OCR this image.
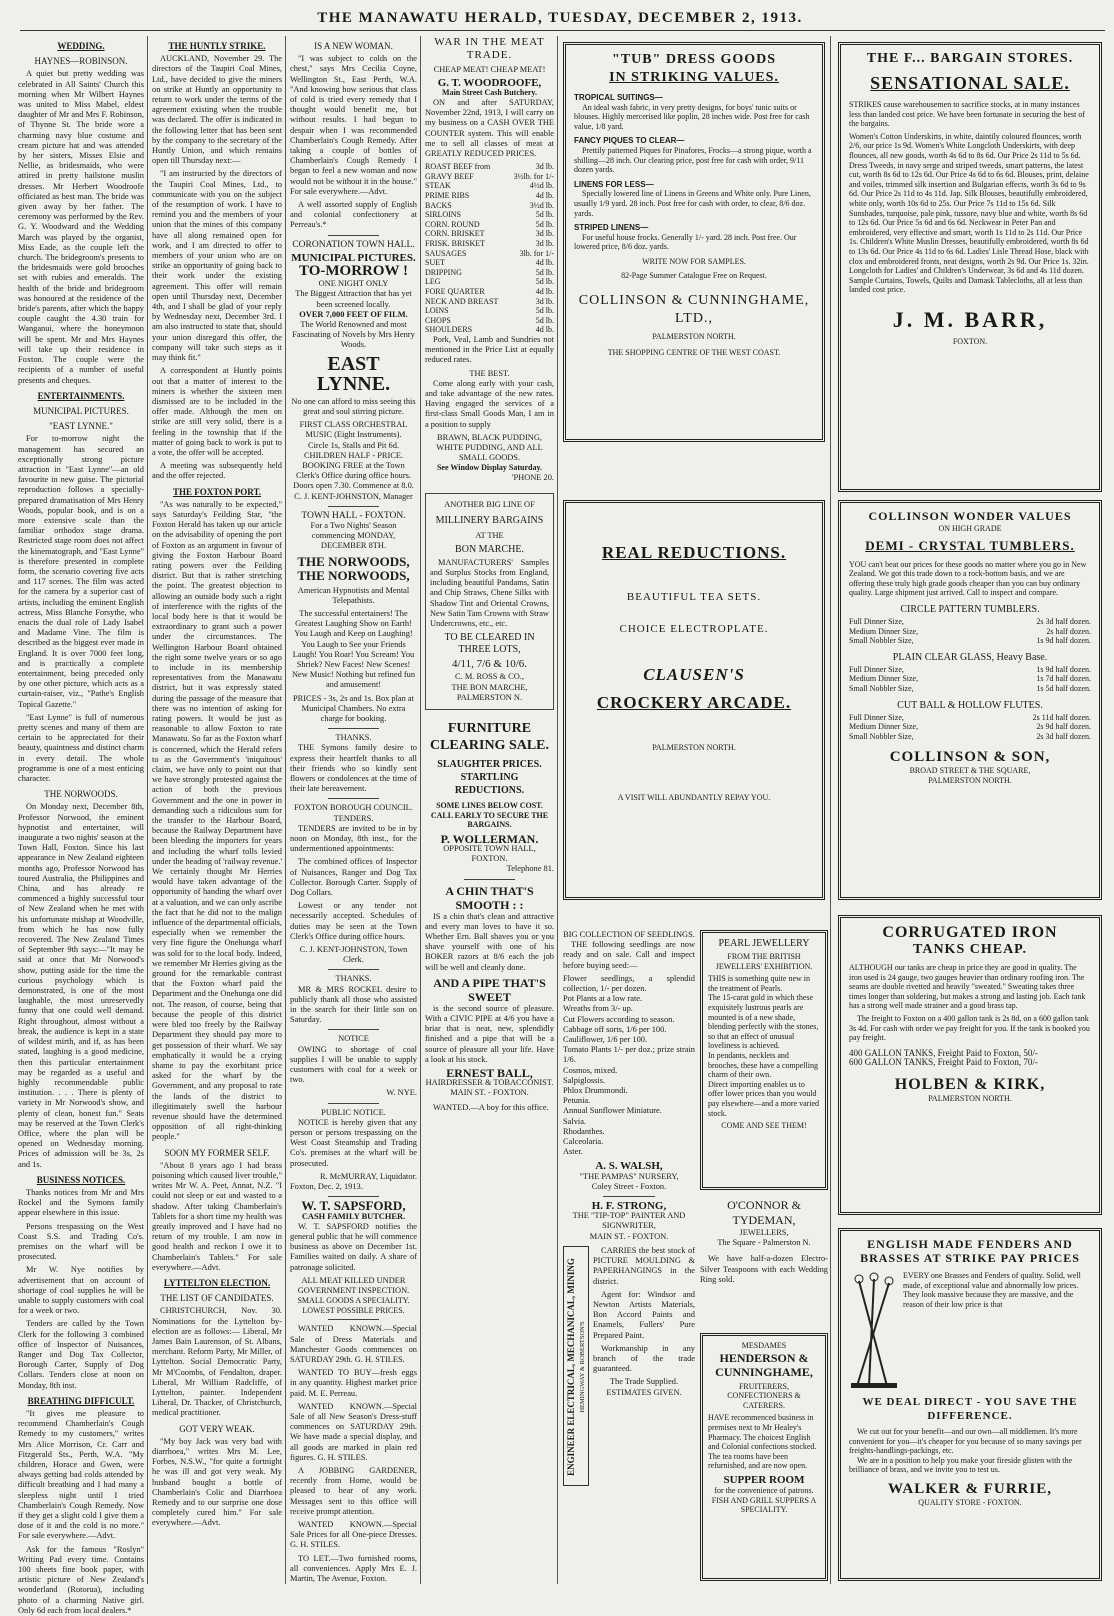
THE MANAWATU HERALD, TUESDAY, DECEMBER 2, 1913.
WEDDING.
HAYNES—ROBINSON.

A quiet but pretty wedding was celebrated in All Saints' Church this morning when Mr Wilbert Haynes was united to Miss Mabel, eldest daughter of Mr and Mrs F. Robinson, of Thynne St. The bride wore a charming navy blue costume and cream picture hat and was attended by her sisters, Misses Elsie and Nellie, as bridesmaids, who were attired in pretty hailstone muslin dresses. Mr Herbert Woodroofe officiated as best man. The bride was given away by her father. The ceremony was performed by the Rev. G. Y. Woodward and the Wedding March was played by the organist, Miss Eade, as the couple left the church. The bridegroom's presents to the bridesmaids were gold brooches set with rubies and emeralds. The health of the bride and bridegroom was honoured at the residence of the bride's parents, after which the happy couple caught the 4.30 train for Wanganui, where the honeymoon will be spent. Mr and Mrs Haynes will take up their residence in Foxton. The couple were the recipients of a number of useful presents and cheques.

ENTERTAINMENTS.
MUNICIPAL PICTURES.
"EAST LYNNE."

For to-morrow night the management has secured an exceptionally strong picture attraction in "East Lynne"—an old favourite in new guise. The pictorial reproduction follows a specially-prepared dramatisation of Mrs Henry Woods, popular book, and is on a more extensive scale than the familiar orthodox stage drama. Restricted stage room does not affect the kinematograph, and "East Lynne" is therefore presented in complete form, the scenario covering five acts and 117 scenes. The film was acted for the camera by a superior cast of artists, including the eminent English actress, Miss Blanche Forsythe, who enacts the dual role of Lady Isabel and Madame Vine. The film is described as the biggest ever made in England. It is over 7000 feet long, and is practically a complete entertainment, being preceded only by one other picture, which acts as a curtain-raiser, viz., "Pathe's English Topical Gazette."

"East Lynne" is full of numerous pretty scenes and many of them are certain to be appreciated for their beauty, quaintness and distinct charm in every detail. The whole programme is one of a most enticing character.

THE NORWOODS.

On Monday next, December 8th, Professor Norwood, the eminent hypnotist and entertainer, will inaugurate a two nights' season at the Town Hall, Foxton. Since his last appearance in New Zealand eighteen months ago, Professor Norwood has toured Australia, the Philippines and China, and has already re commenced a highly successful tour of New Zealand when he met with his unfortunate mishap at Woodville, from which he has now fully recovered. The New Zealand Times of September 9th says:—"It may be said at once that Mr Norwood's show, putting aside for the time the curious psychology which is demonstrated, is one of the most laughable, the most unreservedly funny that one could well demand. Right throughout, almost without a break, the audience is kept in a state of wildest mirth, and if, as has been stated, laughing is a good medicine, then this particular entertainment may be regarded as a useful and highly recommendable public institution. . . . There is plenty of variety in Mr Norwood's show, and plenty of clean, honest fun." Seats may be reserved at the Town Clerk's Office, where the plan will be opened on Wednesday morning. Prices of admission will be 3s, 2s and 1s.

BUSINESS NOTICES.

Thanks notices from Mr and Mrs Rockel and the Symons family appear elsewhere in this issue.

Persons trespassing on the West Coast S.S. and Trading Co's. premises on the wharf will be prosecuted.

Mr W. Nye notifies by advertisement that on account of shortage of coal supplies he will be unable to supply customers with coal for a week or two.

Tenders are called by the Town Clerk for the following 3 combined office of Inspector of Nuisances, Ranger and Dog Tax Collector, Borough Carter, Supply of Dog Collars. Tenders close at noon on Monday, 8th inst.

BREATHING DIFFICULT.

"It gives me pleasure to recommend Chamberlain's Cough Remedy to my customers," writes Mrs Alice Morrison, Cr. Carr and Fitzgerald Sts., Perth, W.A. "My children, Horace and Gwen, were always getting bad colds attended by difficult breathing and I had many a sleepless night until I tried Chamberlain's Cough Remedy. Now if they get a slight cold I give them a dose of it and the cold is no more." For sale everywhere.—Advt.

Ask for the famous "Roslyn" Writing Pad every time. Contains 100 sheets fine book paper, with artistic picture of New Zealand's wonderland (Rotorua), including photo of a charming Native girl. Only 6d each from local dealers.*

THE HUNTLY STRIKE.

AUCKLAND, November 29. The directors of the Taupiri Coal Mines, Ltd., have decided to give the miners on strike at Huntly an opportunity to return to work under the terms of the agreement existing when the trouble was declared. The offer is indicated in the following letter that has been sent by the company to the secretary of the Huntly Union, and which remains open till Thursday next:—

"I am instructed by the directors of the Taupiri Coal Mines, Ltd., to communicate with you on the subject of the resumption of work. I have to remind you and the members of your union that the mines of this company have all along remained open for work, and I am directed to offer to members of your union who are on strike an opportunity of going back to their work under the existing agreement. This offer will remain open until Thursday next, December 4th, and I shall be glad of your reply by Wednesday next, December 3rd. I am also instructed to state that, should your union disregard this offer, the company will take such steps as it may think fit."

A correspondent at Huntly points out that a matter of interest to the miners is whether the sixteen men dismissed are to be included in the offer made. Although the men on strike are still very solid, there is a feeling in the township that if the matter of going back to work is put to a vote, the offer will be accepted.

A meeting was subsequently held and the offer rejected.

THE FOXTON PORT.

"As was naturally to be expected," says Saturday's Feilding Star, "the Foxton Herald has taken up our article on the advisability of opening the port of Foxton as an argument in favour of giving the Foxton Harbour Board rating powers over the Feilding district. But that is rather stretching the point. The greatest objection to allowing an outside body such a right of interference with the rights of the local body here is that it would be extraordinary to grant such a power under the circumstances. The Wellington Harbour Board obtained the right some twelve years or so ago to include in its membership representatives from the Manawatu district, but it was expressly stated during the passage of the measure that there was no intention of asking for rating powers. It would be just as reasonable to allow Foxton to rate Manawatu. So far as the Foxton wharf is concerned, which the Herald refers to as the Government's 'iniquitous' claim, we have only to point out that we have strongly protested against the action of both the previous Government and the one in power in demanding such a ridiculous sum for the transfer to the Harbour Board, because the Railway Department have been bleeding the importers for years and including the wharf tolls levied under the heading of 'railway revenue.' We certainly thought Mr Herries would have taken advantage of the opportunity of handing the wharf over at a valuation, and we can only ascribe the fact that he did not to the malign influence of the departmental officials, especially when we remember the very fine figure the Onehunga wharf was sold for to the local body. Indeed, we remember Mr Herries giving as the ground for the remarkable contrast that the Foxton wharf paid the Department and the Onehunga one did not. The reason, of course, being that because the people of this district were bled too freely by the Railway Department they should pay more to get possession of their wharf. We say emphatically it would be a crying shame to pay the exorbitant price asked for the wharf by the Government, and any proposal to rate the lands of the district to illegitimately swell the harbour revenue should have the determined opposition of all right-thinking people."

SOON MY FORMER SELF.

"About 8 years ago I had brass poisoning which caused liver trouble," writes Mr W. A. Peet, Annat, N.Z. "I could not sleep or eat and wasted to a shadow. After taking Chamberlain's Tablets for a short time my health was greatly improved and I have had no return of my trouble. I am now in good health and reckon I owe it to Chamberlain's Tablets." For sale everywhere.—Advt.

LYTTELTON ELECTION.
THE LIST OF CANDIDATES.

CHRISTCHURCH, Nov. 30. Nominations for the Lyttelton by-election are as follows:— Liberal, Mr James Bain Laurenson, of St. Albans, merchant. Reform Party, Mr Miller, of Lyttelton. Social Democratic Party, Mr M'Coombs, of Fendalton, draper. Liberal, Mr William Radcliffe, of Lyttelton, painter. Independent Liberal, Dr. Thacker, of Christchurch, medical practitioner.

GOT VERY WEAK.

"My boy Jack was very bad with diarrhoea," writes Mrs M. Lee, Forbes, N.S.W., "for quite a fortnight he was ill and got very weak. My husband bought a bottle of Chamberlain's Colic and Diarrhoea Remedy and to our surprise one dose completely cured him." For sale everywhere.—Advt.

IS A NEW WOMAN.

"I was subject to colds on the chest," says Mrs Cecilia Coyne, Wellington St., East Perth, W.A. "And knowing how serious that class of cold is tried every remedy that I thought would benefit me, but without results. I had begun to despair when I was recommended Chamberlain's Cough Remedy. After taking a couple of bottles of Chamberlain's Cough Remedy I began to feel a new woman and now would not be without it in the house." For sale everywhere.—Advt.

A well assorted supply of English and colonial confectionery at Perreau's.*

CORONATION TOWN HALL.
MUNICIPAL PICTURES.
TO-MORROW !
ONE NIGHT ONLY
The Biggest Attraction that has yet been screened locally.
OVER 7,000 FEET OF FILM.
The World Renowned and most Fascinating of Novels by Mrs Henry Woods.
EAST LYNNE.
No one can afford to miss seeing this great and soul stirring picture.
FIRST CLASS ORCHESTRAL MUSIC (Eight Instruments).
Circle 1s, Stalls and Pit 6d. CHILDREN HALF - PRICE. BOOKING FREE at the Town Clerk's Office during office hours.
Doors open 7.30. Commence at 8.0.
C. J. KENT-JOHNSTON, Manager
TOWN HALL - FOXTON.
For a Two Nights' Season commencing MONDAY, DECEMBER 8TH.
THE NORWOODS, THE NORWOODS,
American Hypnotists and Mental Telepathists.

The successful entertainers! The Greatest Laughing Show on Earth! You Laugh and Keep on Laughing! You Laugh to See your Friends Laugh! You Roar! You Scream! You Shriek? New Faces! New Scenes! New Music! Nothing but refined fun and amusement!

PRICES - 3s, 2s and 1s. Box plan at Municipal Chambers. No extra charge for booking.
THANKS.

THE Symons family desire to express their heartfelt thanks to all their friends who so kindly sent flowers or condolences at the time of their late bereavement.

FOXTON BOROUGH COUNCIL.
TENDERS.

TENDERS are invited to be in by noon on Monday, 8th inst., for the undermentioned appointments:

The combined offices of Inspector of Nuisances, Ranger and Dog Tax Collector. Borough Carter. Supply of Dog Collars.

Lowest or any tender not necessarily accepted. Schedules of duties may be seen at the Town Clerk's Office during office hours.

C. J. KENT-JOHNSTON, Town Clerk.
THANKS.

MR & MRS ROCKEL desire to publicly thank all those who assisted in the search for their little son on Saturday.

NOTICE

OWING to shortage of coal supplies I will be unable to supply customers with coal for a week or two.

W. NYE.
PUBLIC NOTICE.

NOTICE is hereby given that any person or persons trespassing on the West Coast Steamship and Trading Co's. premises at the wharf will be prosecuted.

R. McMURRAY, Liquidator.
Foxton, Dec. 2, 1913.
W. T. SAPSFORD,
CASH FAMILY BUTCHER.

W. T. SAPSFORD notifies the general public that he will commence business as above on December 1st. Families waited on daily. A share of patronage solicited.

ALL MEAT KILLED UNDER GOVERNMENT INSPECTION.
SMALL GOODS A SPECIALITY. LOWEST POSSIBLE PRICES.

WANTED KNOWN.—Special Sale of Dress Materials and Manchester Goods commences on SATURDAY 29th. G. H. STILES.

WANTED TO BUY—fresh eggs in any quantity. Highest market price paid. M. E. Perreau.

WANTED KNOWN.—Special Sale of all New Season's Dress-stuff commences on SATURDAY 29th. We have made a special display, and all goods are marked in plain red figures. G. H. STILES.

A JOBBING GARDENER, recently from Home, would be pleased to hear of any work. Messages sent to this office will receive prompt attention.

WANTED KNOWN.—Special Sale Prices for all One-piece Dresses. G. H. STILES.

TO LET.—Two furnished rooms, all conveniences. Apply Mrs E. J. Martin, The Avenue, Foxton.

WAR IN THE MEAT TRADE.
CHEAP MEAT! CHEAP MEAT!
G. T. WOODROOFE,
Main Street Cash Butchery.

ON and after SATURDAY, November 22nd, 1913, I will carry on my business on a CASH OVER THE COUNTER system. This will enable me to sell all classes of meat at GREATLY REDUCED PRICES.

ROAST BEEF from	3d lb.
GRAVY BEEF	3½lb. for 1/-
STEAK	4½d lb.
PRIME RIBS	4d lb.
BACKS	3½d lb.
SIRLOINS	5d lb.
CORN. ROUND	5d lb.
CORN. BRISKET	3d lb.
FRISK. BRISKET	3d lb.
SAUSAGES	3lb. for 1/-
SUET	4d lb.
DRIPPING	5d lb.
LEG	5d lb.
FORE QUARTER	4d lb.
NECK AND BREAST	3d lb.
LOINS	5d lb.
CHOPS	5d lb.
SHOULDERS	4d lb.

Pork, Veal, Lamb and Sundries not mentioned in the Price List at equally reduced rates.

THE BEST.

Come along early with your cash, and take advantage of the new rates. Having engaged the services of a first-class Small Goods Man, I am in a position to supply

BRAWN, BLACK PUDDING, WHITE PUDDING, AND ALL SMALL GOODS.
See Window Display Saturday.
'PHONE 20.
ANOTHER BIG LINE OF
MILLINERY BARGAINS
AT THE
BON MARCHE.

MANUFACTURERS' Samples and Surplus Stocks from England, including beautiful Pandams, Satin and Chip Straws, Chene Silks with Shadow Tint and Oriental Crowns, New Satin Tam Crowns with Straw Undercrowns, etc., etc.

TO BE CLEARED IN THREE LOTS,
4/11, 7/6 & 10/6.
C. M. ROSS & CO.,
THE BON MARCHE,
PALMERSTON N.
FURNITURE CLEARING SALE.
SLAUGHTER PRICES. STARTLING REDUCTIONS.
SOME LINES BELOW COST.
CALL EARLY TO SECURE THE BARGAINS.
P. WOLLERMAN.
OPPOSITE TOWN HALL, FOXTON.
Telephone 81.
A CHIN THAT'S SMOOTH : :

IS a chin that's clean and attractive and every man loves to have it so. Whether Ern. Ball shaves you or you shave yourself with one of his BOKER razors at 8/6 each the job will be well and cleanly done.

AND A PIPE THAT'S SWEET

is the second source of pleasure. With a CIVIC PIPE at 4/6 you have a briar that is neat, new, splendidly finished and a pipe that will be a source of pleasure all your life. Have a look at his stock.

ERNEST BALL,
HAIRDRESSER & TOBACCONIST.
MAIN ST. - FOXTON.

WANTED.—A boy for this office.

"TUB" DRESS GOODS
IN STRIKING VALUES.
TROPICAL SUITINGS—

An ideal wash fabric, in very pretty designs, for boys' tunic suits or blouses. Highly mercerised like poplin, 28 inches wide. Post free for cash value, 1/8 yard.

FANCY PIQUES TO CLEAR—

Prettily patterned Piques for Pinafores, Frocks—a strong pique, worth a shilling—28 inch. Our clearing price, post free for cash with order, 9/11 dozen yards.

LINENS FOR LESS—

Specially lowered line of Linens in Greens and White only. Pure Linen, usually 1/9 yard. 28 inch. Post free for cash with order, to clear, 8/6 doz. yards.

STRIPED LINENS—

For useful house frocks. Generally 1/- yard. 28 inch. Post free. Our lowered price, 8/6 doz. yards.

WRITE NOW FOR SAMPLES.
82-Page Summer Catalogue Free on Request.
COLLINSON & CUNNINGHAME, LTD.,
PALMERSTON NORTH.
THE SHOPPING CENTRE OF THE WEST COAST.
REAL REDUCTIONS.
BEAUTIFUL TEA SETS.
CHOICE ELECTROPLATE.
CLAUSEN'S
CROCKERY ARCADE.
PALMERSTON NORTH.
A VISIT WILL ABUNDANTLY REPAY YOU.
BIG COLLECTION OF SEEDLINGS.

THE following seedlings are now ready and on sale. Call and inspect before buying seed:—

Flower seedlings, a splendid collection, 1/- per dozen.
Pot Plants at a low rate.
Wreaths from 3/- up.
Cut Flowers according to season.
Cabbage off sorts, 1/6 per 100.
Cauliflower, 1/6 per 100.
Tomato Plants 1/- per doz.; prize strain 1/6.
Cosmos, mixed.
Salpiglossis.
Phlox Drummondi.
Petunia.
Annual Sunflower Miniature.
Salvia.
Rhodanthes.
Calceolaria.
Aster.
A. S. WALSH,
"THE PAMPAS" NURSERY,
Coley Street - Foxton.
H. F. STRONG,
THE "TIP-TOP" PAINTER AND SIGNWRITER,
MAIN ST. - FOXTON.
ENGINEER ELECTRICAL, MECHANICAL, MINING HEMINGWAY & ROBERTSON'S

CARRIES the best stock of PICTURE MOULDING & PAPERHANGINGS in the district.

Agent for: Windsor and Newton Artists Materials, Bon Accord Paints and Enamels, Fullers' Pure Prepared Paint.

Workmanship in any branch of the trade guaranteed.

The Trade Supplied.
ESTIMATES GIVEN.
PEARL JEWELLERY
FROM THE BRITISH JEWELLERS' EXHIBITION.

THIS is something quite new in the treatment of Pearls.

The 15-carat gold in which these exquisitely lustrous pearls are mounted is of a new shade, blending perfectly with the stones, so that an effect of unusual loveliness is achieved.

In pendants, necklets and brooches, these have a compelling charm of their own.

Direct importing enables us to offer lower prices than you would pay elsewhere—and a more varied stock.

COME AND SEE THEM!
O'CONNOR & TYDEMAN,
JEWELLERS,
The Square - Palmerston N.

We have half-a-dozen Electro-Silver Teaspoons with each Wedding Ring sold.

MESDAMES
HENDERSON & CUNNINGHAME,
FRUITERERS, CONFECTIONERS & CATERERS.

HAVE recommenced business in premises next to Mr Healey's Pharmacy. The choicest English and Colonial confections stocked. The tea rooms have been refurnished, and are now open.

SUPPER ROOM
for the convenience of patrons.
FISH AND GRILL SUPPERS A SPECIALITY.
THE F... BARGAIN STORES.
SENSATIONAL SALE.

STRIKES cause warehousemen to sacrifice stocks, at in many instances less than landed cost price. We have been fortunate in securing the best of the bargains.

Women's Cotton Underskirts, in white, daintily coloured flounces, worth 2/6, our price 1s 9d. Women's White Longcloth Underskirts, with deep flounces, all new goods, worth 4s 6d to 8s 6d. Our Price 2s 11d to 5s 6d. Dress Tweeds, in navy serge and striped tweeds, smart patterns, the latest cut, worth 8s 6d to 12s 6d. Our Price 4s 6d to 6s 6d. Blouses, print, delaine and voiles, trimmed silk insertion and Bulgarian effects, worth 3s 6d to 9s 6d. Our Price 2s 11d to 4s 11d. Jap. Silk Blouses, beautifully embroidered, white only, worth 10s 6d to 25s. Our Price 7s 11d to 15s 6d. Silk Sunshades, turquoise, pale pink, tussore, navy blue and white, worth 8s 6d to 12s 6d. Our Price 5s 6d and 6s 6d. Neckwear in Peter Pan and embroidered, very effective and smart, worth 1s 11d to 2s 11d. Our Price 1s. Children's White Muslin Dresses, beautifully embroidered, worth 8s 6d to 13s 6d. Our Price 4s 11d to 6s 6d. Ladies' Lisle Thread Hose, black with clox and embroidered fronts, neat designs, worth 2s 9d. Our Price 1s. 32in. Longcloth for Ladies' and Children's Underwear, 3s 6d and 4s 11d dozen. Sample Curtains, Towels, Quilts and Damask Tablecloths, all at less than landed cost price.

J. M. BARR,
FOXTON.
COLLINSON WONDER VALUES
ON HIGH GRADE
DEMI - CRYSTAL TUMBLERS.

YOU can't beat our prices for these goods no matter where you go in New Zealand. We got this trade down to a rock-bottom basis, and we are offering these truly high grade goods cheaper than you can buy ordinary quality. Large shipment just arrived. Call to inspect and compare.

CIRCLE PATTERN TUMBLERS.
Full Dinner Size,	2s 3d half dozen.
Medium Dinner Size,	2s half dozen.
Small Nobbler Size,	1s 9d half dozen.
PLAIN CLEAR GLASS, Heavy Base.
Full Dinner Size,	1s 9d half dozen.
Medium Dinner Size,	1s 7d half dozen.
Small Nobbler Size,	1s 5d half dozen.
CUT BALL & HOLLOW FLUTES.
Full Dinner Size,	2s 11d half dozen.
Medium Dinner Size,	2s 9d half dozen.
Small Nobbler Size,	2s 3d half dozen.
COLLINSON & SON,
BROAD STREET & THE SQUARE,
PALMERSTON NORTH.
CORRUGATED IRON
TANKS CHEAP.

ALTHOUGH our tanks are cheap in price they are good in quality. The iron used is 24 gauge, two gauges heavier than ordinary roofing iron. The seams are double rivetted and heavily "sweated." Sweating takes three times longer than soldering, but makes a strong and lasting job. Each tank has a strong well made strainer and a good brass tap.

The freight to Foxton on a 400 gallon tank is 2s 8d, on a 600 gallon tank 3s 4d. For cash with order we pay freight for you. If the tank is booked you pay freight.

400 GALLON TANKS, Freight Paid to Foxton, 50/-
600 GALLON TANKS, Freight Paid to Foxton, 70/-
HOLBEN & KIRK,
PALMERSTON NORTH.
ENGLISH MADE FENDERS AND BRASSES AT STRIKE PAY PRICES

EVERY one Brasses and Fenders of quality. Solid, well made, of exceptional value and abnormally low prices. They look massive because they are massive, and the reason of their low price is that

WE DEAL DIRECT - YOU SAVE THE DIFFERENCE.

We cut out for your benefit—and our own—all middlemen. It's more convenient for you—it's cheaper for you because of so many savings per freights-handlings-packings, etc.

We are in a position to help you make your fireside glisten with the brilliance of brass, and we invite you to test us.

WALKER & FURRIE,
QUALITY STORE - FOXTON.
